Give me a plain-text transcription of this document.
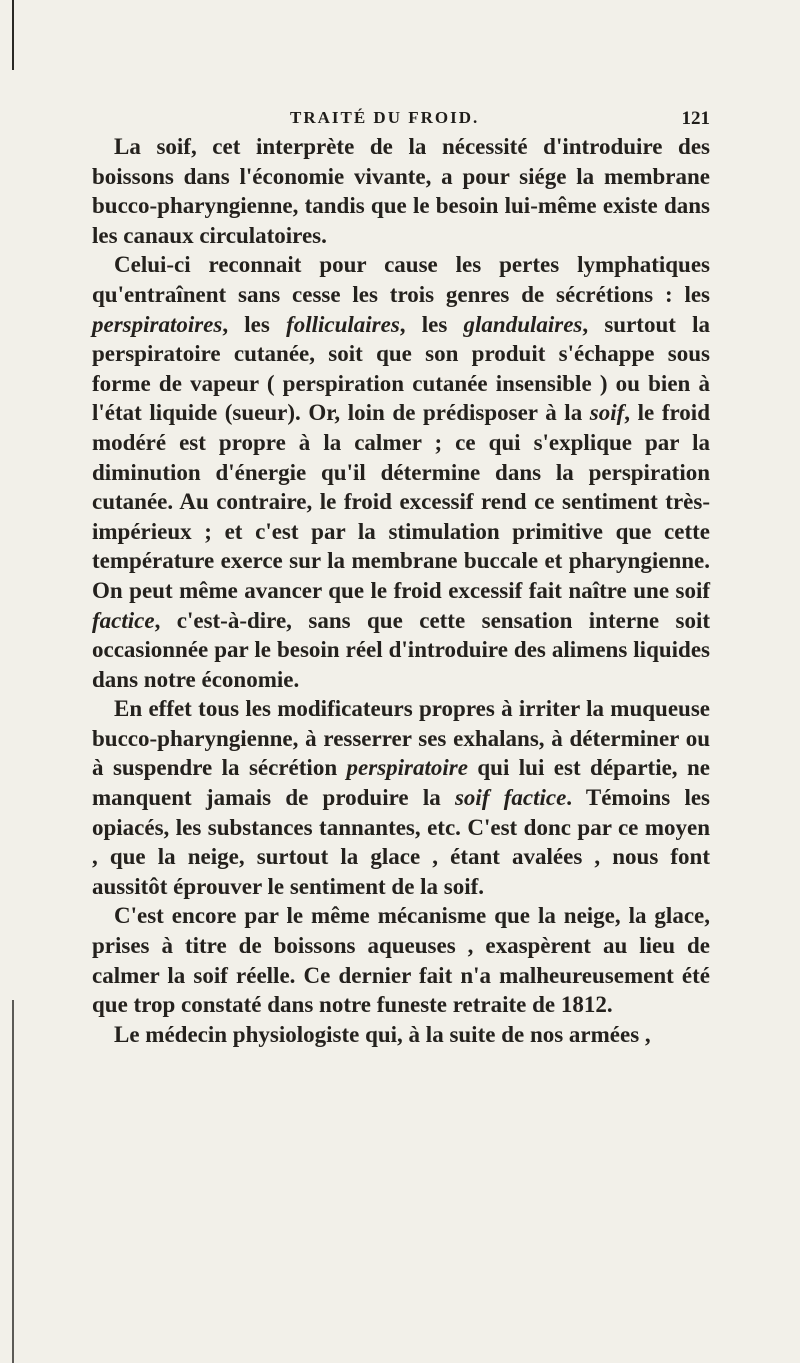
TRAITÉ DU FROID.	121

La soif, cet interprète de la nécessité d'introduire des boissons dans l'économie vivante, a pour siége la membrane bucco-pharyngienne, tandis que le besoin lui-même existe dans les canaux circulatoires.

Celui-ci reconnait pour cause les pertes lymphatiques qu'entraînent sans cesse les trois genres de sécrétions : les perspiratoires, les folliculaires, les glandulaires, surtout la perspiratoire cutanée, soit que son produit s'échappe sous forme de vapeur ( perspiration cutanée insensible ) ou bien à l'état liquide (sueur). Or, loin de prédisposer à la soif, le froid modéré est propre à la calmer ; ce qui s'explique par la diminution d'énergie qu'il détermine dans la perspiration cutanée. Au contraire, le froid excessif rend ce sentiment très-impérieux ; et c'est par la stimulation primitive que cette température exerce sur la membrane buccale et pharyngienne. On peut même avancer que le froid excessif fait naître une soif factice, c'est-à-dire, sans que cette sensation interne soit occasionnée par le besoin réel d'introduire des alimens liquides dans notre économie.

En effet tous les modificateurs propres à irriter la muqueuse bucco-pharyngienne, à resserrer ses exhalans, à déterminer ou à suspendre la sécrétion perspiratoire qui lui est départie, ne manquent jamais de produire la soif factice. Témoins les opiacés, les substances tannantes, etc. C'est donc par ce moyen , que la neige, surtout la glace , étant avalées , nous font aussitôt éprouver le sentiment de la soif.

C'est encore par le même mécanisme que la neige, la glace, prises à titre de boissons aqueuses , exaspèrent au lieu de calmer la soif réelle. Ce dernier fait n'a malheureusement été que trop constaté dans notre funeste retraite de 1812.

Le médecin physiologiste qui, à la suite de nos armées ,
